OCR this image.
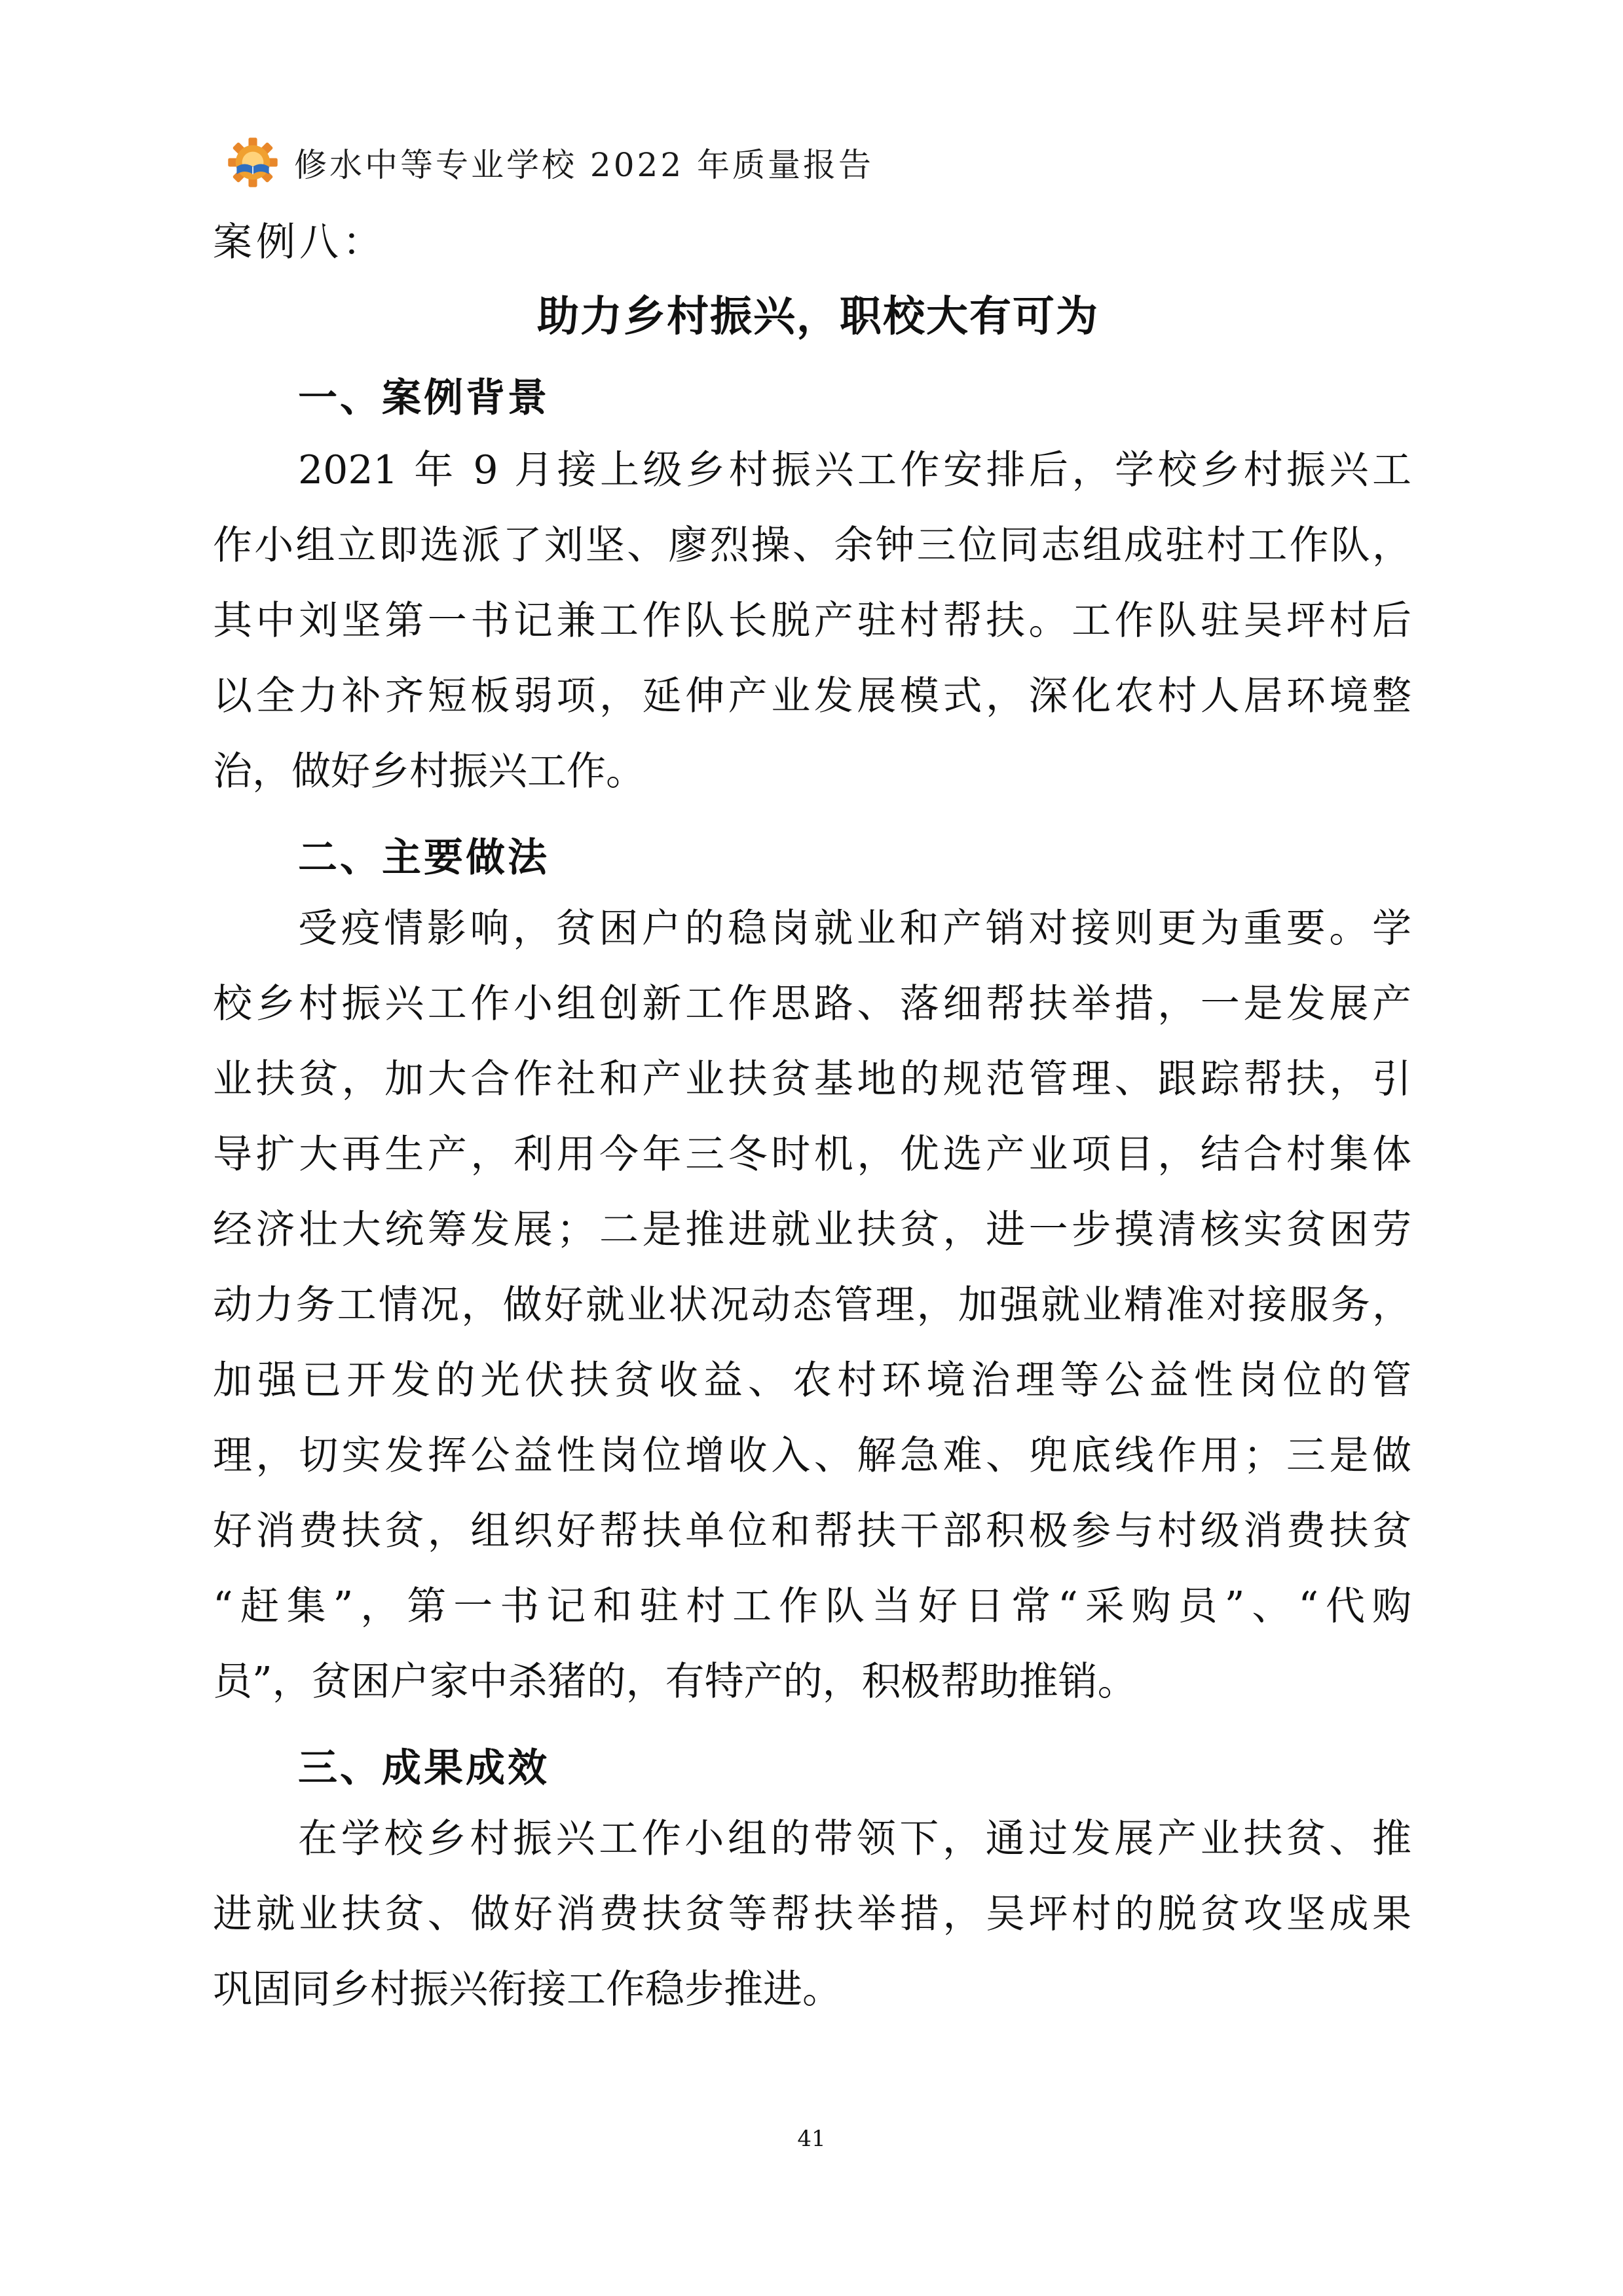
修水中等专业学校 2022 年质量报告
案例八：
助力乡村振兴，职校大有可为
一、案例背景
2021 年 9 月接上级乡村振兴工作安排后，学校乡村振兴工
作小组立即选派了刘坚、廖烈操、余钟三位同志组成驻村工作队，
其中刘坚第一书记兼工作队长脱产驻村帮扶。工作队驻吴坪村后
以全力补齐短板弱项，延伸产业发展模式，深化农村人居环境整
治，做好乡村振兴工作。
二、主要做法
受疫情影响，贫困户的稳岗就业和产销对接则更为重要。学
校乡村振兴工作小组创新工作思路、落细帮扶举措，一是发展产
业扶贫，加大合作社和产业扶贫基地的规范管理、跟踪帮扶，引
导扩大再生产，利用今年三冬时机，优选产业项目，结合村集体
经济壮大统筹发展；二是推进就业扶贫，进一步摸清核实贫困劳
动力务工情况，做好就业状况动态管理，加强就业精准对接服务，
加强已开发的光伏扶贫收益、农村环境治理等公益性岗位的管
理，切实发挥公益性岗位增收入、解急难、兜底线作用；三是做
好消费扶贫，组织好帮扶单位和帮扶干部积极参与村级消费扶贫
“赶集”，第一书记和驻村工作队当好日常“采购员”、“代购
员”，贫困户家中杀猪的，有特产的，积极帮助推销。
三、成果成效
在学校乡村振兴工作小组的带领下，通过发展产业扶贫、推
进就业扶贫、做好消费扶贫等帮扶举措，吴坪村的脱贫攻坚成果
巩固同乡村振兴衔接工作稳步推进。
41
